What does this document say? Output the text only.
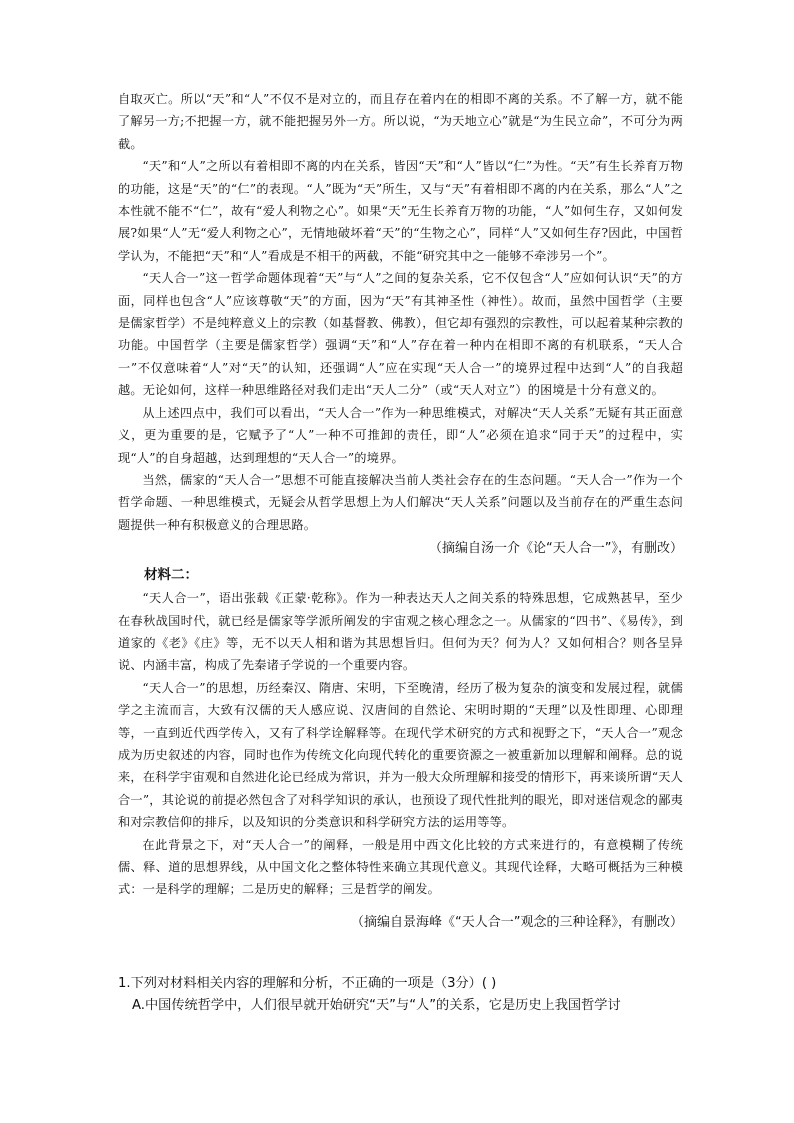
自取灭亡。所以“天”和“人”不仅不是对立的，而且存在着内在的相即不离的关系。不了解一方，就不能了解另一方;不把握一方，就不能把握另外一方。所以说，“为天地立心”就是“为生民立命”，不可分为两截。

“天”和“人”之所以有着相即不离的内在关系，皆因“天”和“人”皆以“仁”为性。“天”有生长养育万物的功能，这是“天”的“仁”的表现。“人”既为“天”所生，又与“天”有着相即不离的内在关系，那么“人”之本性就不能不“仁”，故有“爱人利物之心”。如果“天”无生长养育万物的功能，“人”如何生存，又如何发展?如果“人”无“爱人利物之心”，无情地破坏着“天”的“生物之心”，同样“人”又如何生存?因此，中国哲学认为，不能把“天”和“人”看成是不相干的两截，不能“研究其中之一能够不牵涉另一个”。

“天人合一”这一哲学命题体现着“天”与“人”之间的复杂关系，它不仅包含“人”应如何认识“天”的方面，同样也包含“人”应该尊敬“天”的方面，因为“天”有其神圣性（神性）。故而，虽然中国哲学（主要是儒家哲学）不是纯粹意义上的宗教（如基督教、佛教），但它却有强烈的宗教性，可以起着某种宗教的功能。中国哲学（主要是儒家哲学）强调“天”和“人”存在着一种内在相即不离的有机联系，“天人合一”不仅意味着“人”对“天”的认知，还强调“人”应在实现“天人合一”的境界过程中达到“人”的自我超越。无论如何，这样一种思维路径对我们走出“天人二分”（或“天人对立”）的困境是十分有意义的。

从上述四点中，我们可以看出，“天人合一”作为一种思维模式，对解决“天人关系”无疑有其正面意义，更为重要的是，它赋予了“人”一种不可推卸的责任，即“人”必须在追求“同于天”的过程中，实现“人”的自身超越，达到理想的“天人合一”的境界。

当然，儒家的“天人合一”思想不可能直接解决当前人类社会存在的生态问题。“天人合一”作为一个哲学命题、一种思维模式，无疑会从哲学思想上为人们解决“天人关系”问题以及当前存在的严重生态问题提供一种有积极意义的合理思路。

（摘编自汤一介《论“天人合一”》，有删改）

材料二：

“天人合一”，语出张载《正蒙·乾称》。作为一种表达天人之间关系的特殊思想，它成熟甚早，至少在春秋战国时代，就已经是儒家等学派所阐发的宇宙观之核心理念之一。从儒家的“四书”、《易传》，到道家的《老》《庄》等，无不以天人相和谐为其思想旨归。但何为天？何为人？又如何相合？则各呈异说、内涵丰富，构成了先秦诸子学说的一个重要内容。

“天人合一”的思想，历经秦汉、隋唐、宋明，下至晚清，经历了极为复杂的演变和发展过程，就儒学之主流而言，大致有汉儒的天人感应说、汉唐间的自然论、宋明时期的“天理”以及性即理、心即理等，一直到近代西学传入，又有了科学诠解释等。在现代学术研究的方式和视野之下，“天人合一”观念成为历史叙述的内容，同时也作为传统文化向现代转化的重要资源之一被重新加以理解和阐释。总的说来，在科学宇宙观和自然进化论已经成为常识，并为一般大众所理解和接受的情形下，再来谈所谓“天人合一”，其论说的前提必然包含了对科学知识的承认，也预设了现代性批判的眼光，即对迷信观念的鄙夷和对宗教信仰的排斥，以及知识的分类意识和科学研究方法的运用等等。

在此背景之下，对“天人合一”的阐释，一般是用中西文化比较的方式来进行的，有意模糊了传统儒、释、道的思想界线，从中国文化之整体特性来确立其现代意义。其现代诠释，大略可概括为三种模式：一是科学的理解；二是历史的解释；三是哲学的阐发。

（摘编自景海峰《“天人合一”观念的三种诠释》，有删改）

1.下列对材料相关内容的理解和分析，不正确的一项是（3分）( )

A.中国传统哲学中，人们很早就开始研究“天”与“人”的关系，它是历史上我国哲学讨
